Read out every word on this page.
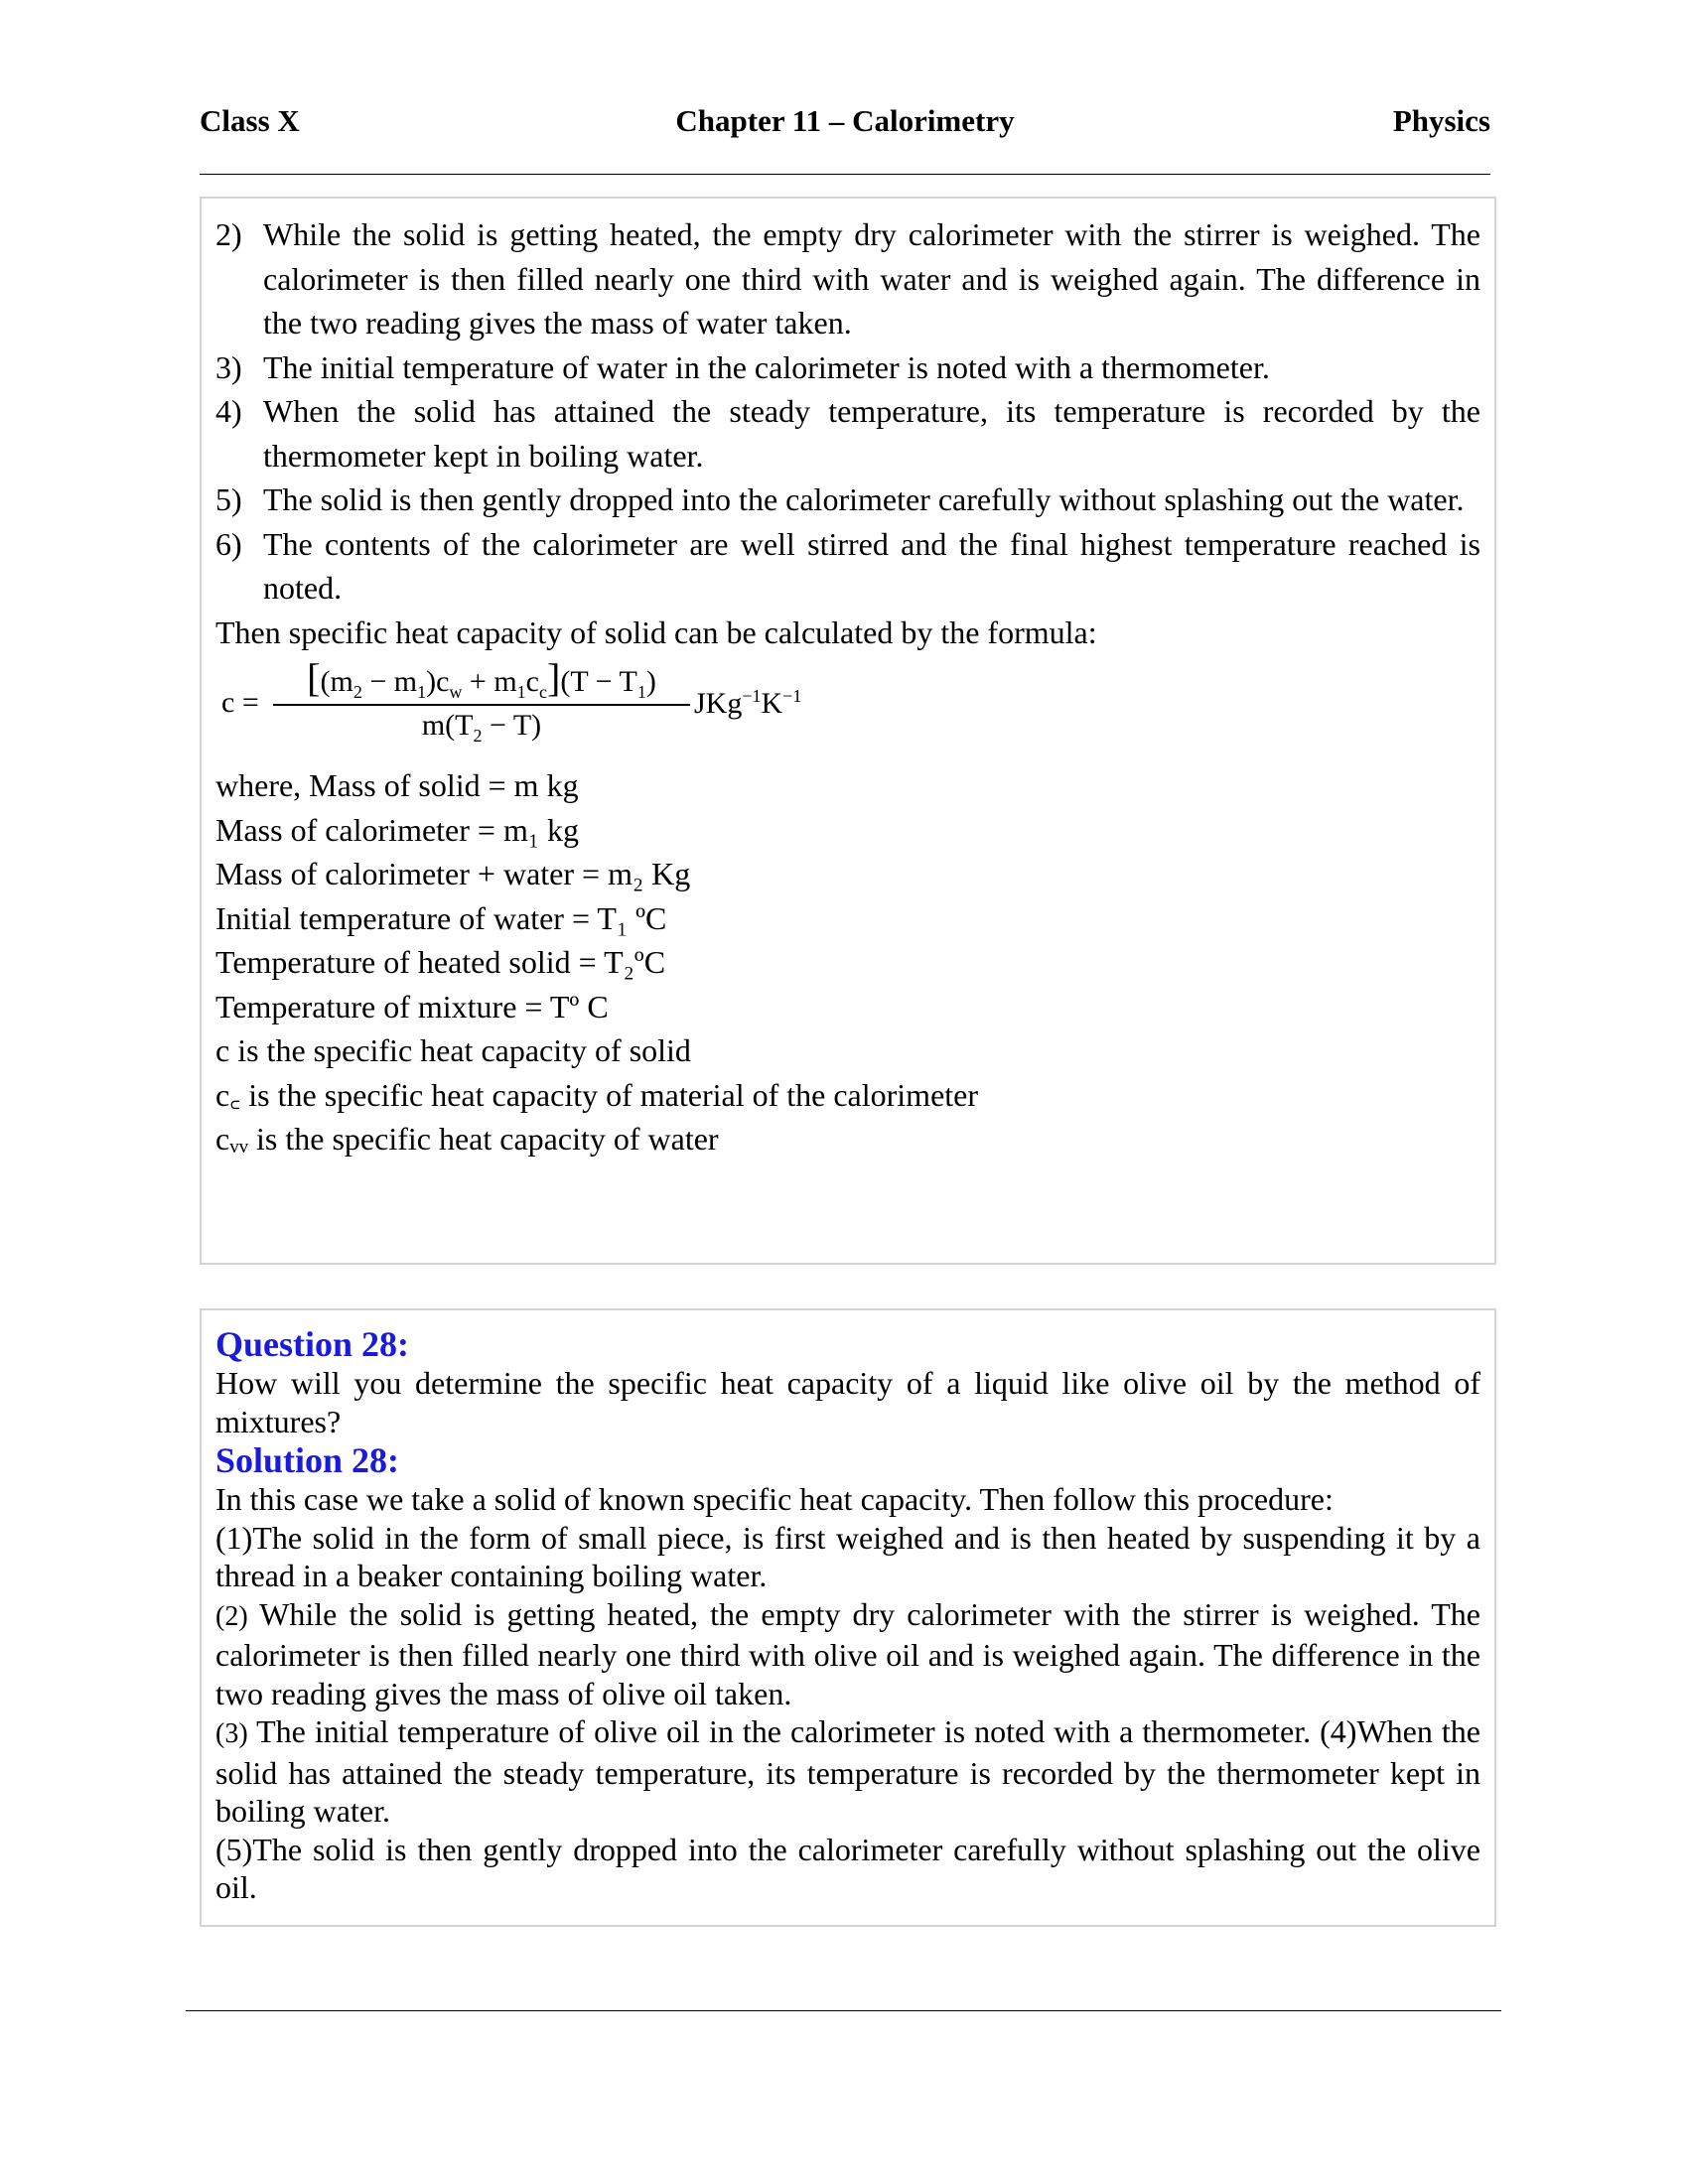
Class X	Chapter 11 – Calorimetry	Physics
2) While the solid is getting heated, the empty dry calorimeter with the stirrer is weighed. The calorimeter is then filled nearly one third with water and is weighed again. The difference in the two reading gives the mass of water taken.
3) The initial temperature of water in the calorimeter is noted with a thermometer.
4) When the solid has attained the steady temperature, its temperature is recorded by the thermometer kept in boiling water.
5) The solid is then gently dropped into the calorimeter carefully without splashing out the water.
6) The contents of the calorimeter are well stirred and the final highest temperature reached is noted.
Then specific heat capacity of solid can be calculated by the formula:
c =
$[(m_2 - m_1)c_w + m_1c_c](T - T_1)$
$m(T_2 - T)$
$JKg^{-1}K^{-1}$
where, Mass of solid = m kg
Mass of calorimeter = m₁ kg
Mass of calorimeter + water = m₂ Kg
Initial temperature of water = T₁ ºC
Temperature of heated solid = T₂ºC
Temperature of mixture = Tº C
c is the specific heat capacity of solid
c꜀ is the specific heat capacity of material of the calorimeter
cᵥᵥ is the specific heat capacity of water
Question 28:
How will you determine the specific heat capacity of a liquid like olive oil by the method of mixtures?
Solution 28:
In this case we take a solid of known specific heat capacity. Then follow this procedure:
(1)The solid in the form of small piece, is first weighed and is then heated by suspending it by a thread in a beaker containing boiling water.
(2) While the solid is getting heated, the empty dry calorimeter with the stirrer is weighed. The calorimeter is then filled nearly one third with olive oil and is weighed again. The difference in the two reading gives the mass of olive oil taken.
(3) The initial temperature of olive oil in the calorimeter is noted with a thermometer. (4)When the solid has attained the steady temperature, its temperature is recorded by the thermometer kept in boiling water.
(5)The solid is then gently dropped into the calorimeter carefully without splashing out the olive oil.
